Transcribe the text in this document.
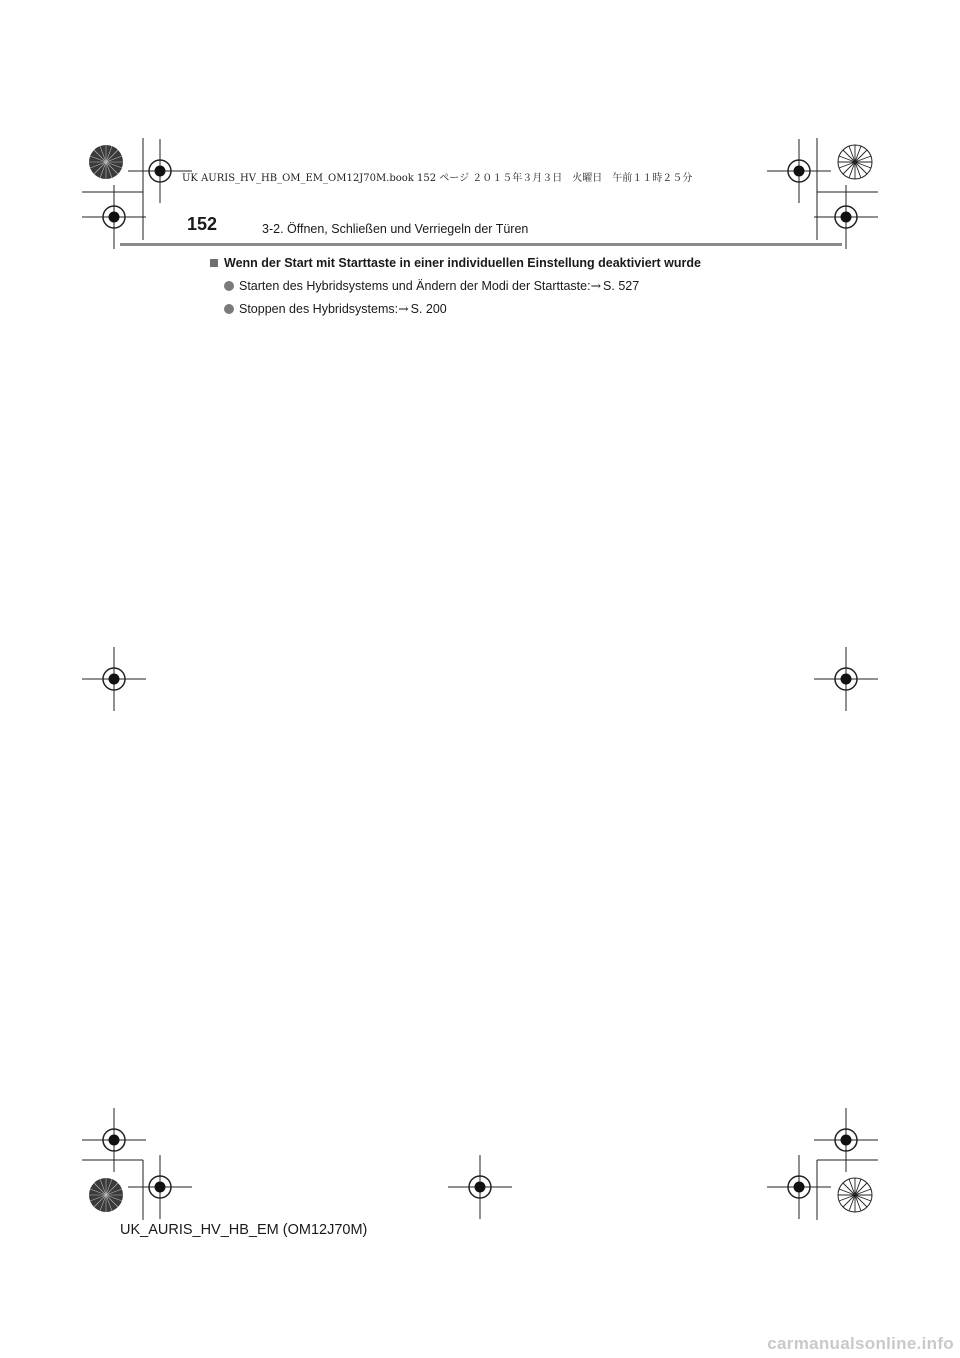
UK AURIS_HV_HB_OM_EM_OM12J70M.book 152 ページ ２０１５年３月３日　火曜日　午前１１時２５分
152	3-2. Öffnen, Schließen und Verriegeln der Türen
Wenn der Start mit Starttaste in einer individuellen Einstellung deaktiviert wurde
Starten des Hybridsystems und Ändern der Modi der Starttaste: → S. 527
Stoppen des Hybridsystems: → S. 200
UK_AURIS_HV_HB_EM (OM12J70M)
carmanualsonline.info
